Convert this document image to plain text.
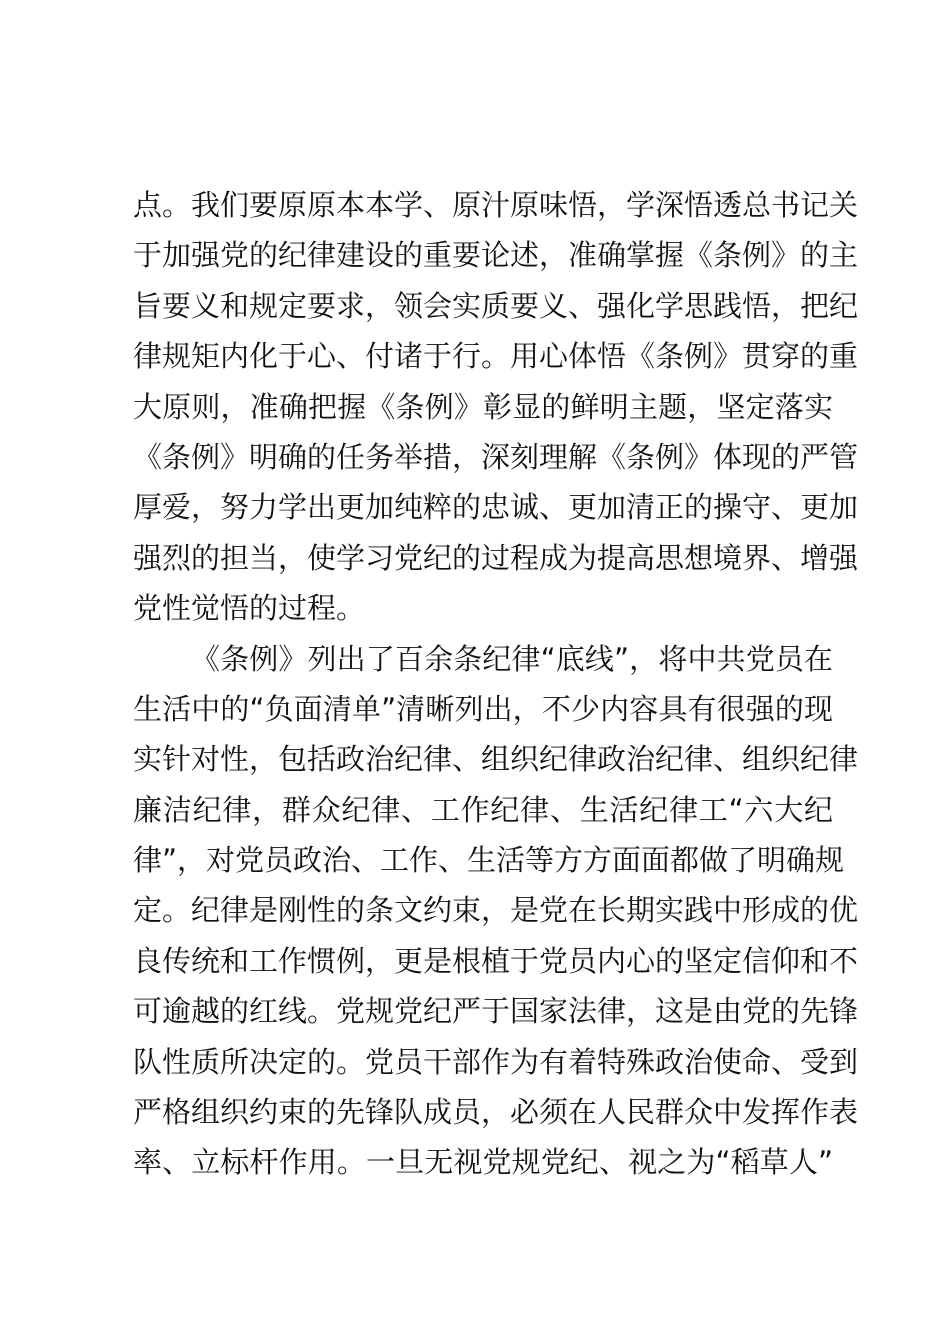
点。我们要原原本本学、原汁原味悟，学深悟透总书记关
于加强党的纪律建设的重要论述，准确掌握《条例》的主
旨要义和规定要求，领会实质要义、强化学思践悟，把纪
律规矩内化于心、付诸于行。用心体悟《条例》贯穿的重
大原则，准确把握《条例》彰显的鲜明主题，坚定落实
《条例》明确的任务举措，深刻理解《条例》体现的严管
厚爱，努力学出更加纯粹的忠诚、更加清正的操守、更加
强烈的担当，使学习党纪的过程成为提高思想境界、增强
党性觉悟的过程。
《条例》列出了百余条纪律“底线”，将中共党员在
生活中的“负面清单”清晰列出，不少内容具有很强的现
实针对性，包括政治纪律、组织纪律政治纪律、组织纪律
廉洁纪律，群众纪律、工作纪律、生活纪律工“六大纪
律”，对党员政治、工作、生活等方方面面都做了明确规
定。纪律是刚性的条文约束，是党在长期实践中形成的优
良传统和工作惯例，更是根植于党员内心的坚定信仰和不
可逾越的红线。党规党纪严于国家法律，这是由党的先锋
队性质所决定的。党员干部作为有着特殊政治使命、受到
严格组织约束的先锋队成员，必须在人民群众中发挥作表
率、立标杆作用。一旦无视党规党纪、视之为“稻草人”
